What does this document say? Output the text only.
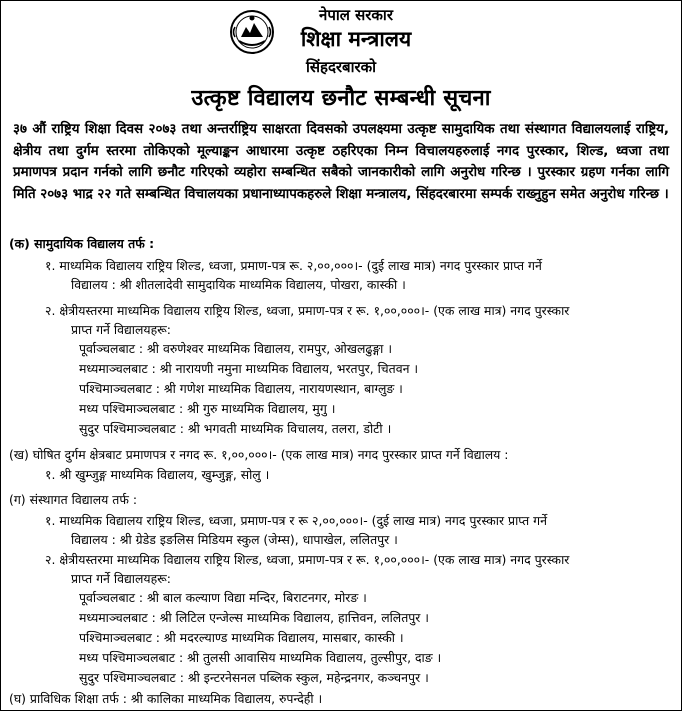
नेपाल सरकार
शिक्षा मन्त्रालय
सिंहदरबारको
उत्कृष्ट विद्यालय छनौट सम्बन्धी सूचना
३७ औं राष्ट्रिय शिक्षा दिवस २०७३ तथा अन्तर्राष्ट्रिय साक्षरता दिवसको उपलक्ष्यमा उत्कृष्ट सामुदायिक तथा संस्थागत विद्यालयलाई राष्ट्रिय, क्षेत्रीय तथा दुर्गम स्तरमा तोकिएको मूल्याङ्कन आधारमा उत्कृष्ट ठहरिएका निम्न विचालयहरुलाई नगद पुरस्कार, शिल्ड, ध्वजा तथा प्रमाणपत्र प्रदान गर्नको लागि छनौट गरिएको व्यहोरा सम्बन्धित सबैको जानकारीको लागि अनुरोध गरिन्छ । पुरस्कार ग्रहण गर्नका लागि मिति २०७३ भाद्र २२ गते सम्बन्धित विचालयका प्रधानाध्यापकहरुले शिक्षा मन्त्रालय, सिंहदरबारमा सम्पर्क राख्नुहुन समेत अनुरोध गरिन्छ ।
(क) सामुदायिक विद्यालय तर्फ :
१. माध्यमिक विद्यालय राष्ट्रिय शिल्ड, ध्वजा, प्रमाण-पत्र रू. २,००,०००।- (दुई लाख मात्र) नगद पुरस्कार प्राप्त गर्ने
विद्यालय : श्री शीतलादेवी सामुदायिक माध्यमिक विद्यालय, पोखरा, कास्की ।
२. क्षेत्रीयस्तरमा माध्यमिक विद्यालय राष्ट्रिय शिल्ड, ध्वजा, प्रमाण-पत्र र रू. १,००,०००।- (एक लाख मात्र) नगद पुरस्कार
प्राप्त गर्ने विद्यालयहरू:
पूर्वाञ्चलबाट : श्री वरुणेश्वर माध्यमिक विद्यालय, रामपुर, ओखलढुङ्गा ।
मध्यमाञ्चलबाट : श्री नारायणी नमुना माध्यमिक विद्यालय, भरतपुर, चितवन ।
पश्चिमाञ्चलबाट : श्री गणेश माध्यमिक विद्यालय, नारायणस्थान, बाग्लुङ ।
मध्य पश्चिमाञ्चलबाट : श्री गुरु माध्यमिक विद्यालय, मुगु ।
सुदुर पश्चिमाञ्चलबाट : श्री भगवती माध्यमिक विचालय, तलरा, डोटी ।
(ख) घोषित दुर्गम क्षेत्रबाट प्रमाणपत्र र नगद रू. १,००,०००।- (एक लाख मात्र) नगद पुरस्कार प्राप्त गर्ने विद्यालय :
१. श्री खुम्जुङ्ग माध्यमिक विद्यालय, खुम्जुङ्ग, सोलु ।
(ग) संस्थागत विद्यालय तर्फ :
१. माध्यमिक विद्यालय राष्ट्रिय शिल्ड, ध्वजा, प्रमाण-पत्र र रू २,००,०००।- (दुई लाख मात्र) नगद पुरस्कार प्राप्त गर्ने
विद्यालय : श्री ग्रेडेड इङलिस मिडियम स्कुल (जेम्स), धापाखेल, ललितपुर ।
२. क्षेत्रीयस्तरमा माध्यमिक विद्यालय राष्ट्रिय शिल्ड, ध्वजा, प्रमाण-पत्र र रू. १,००,०००।- (एक लाख मात्र) नगद पुरस्कार
प्राप्त गर्ने विद्यालयहरू:
पूर्वाञ्चलबाट : श्री बाल कल्याण विद्या मन्दिर, बिराटनगर, मोरङ ।
मध्यमाञ्चलबाट : श्री लिटिल एन्जेल्स माध्यमिक विद्यालय, हात्तिवन, ललितपुर ।
पश्चिमाञ्चलबाट : श्री मदरल्याण्ड माध्यमिक विद्यालय, मासबार, कास्की ।
मध्य पश्चिमाञ्चलबाट : श्री तुलसी आवासिय माध्यमिक विद्यालय, तुल्सीपुर, दाङ ।
सुदुर पश्चिमाञ्चलबाट : श्री इन्टरनेसनल पब्लिक स्कुल, महेन्द्रनगर, कञ्चनपुर ।
(घ) प्राविधिक शिक्षा तर्फ : श्री कालिका माध्यमिक विद्यालय, रुपन्देही ।
